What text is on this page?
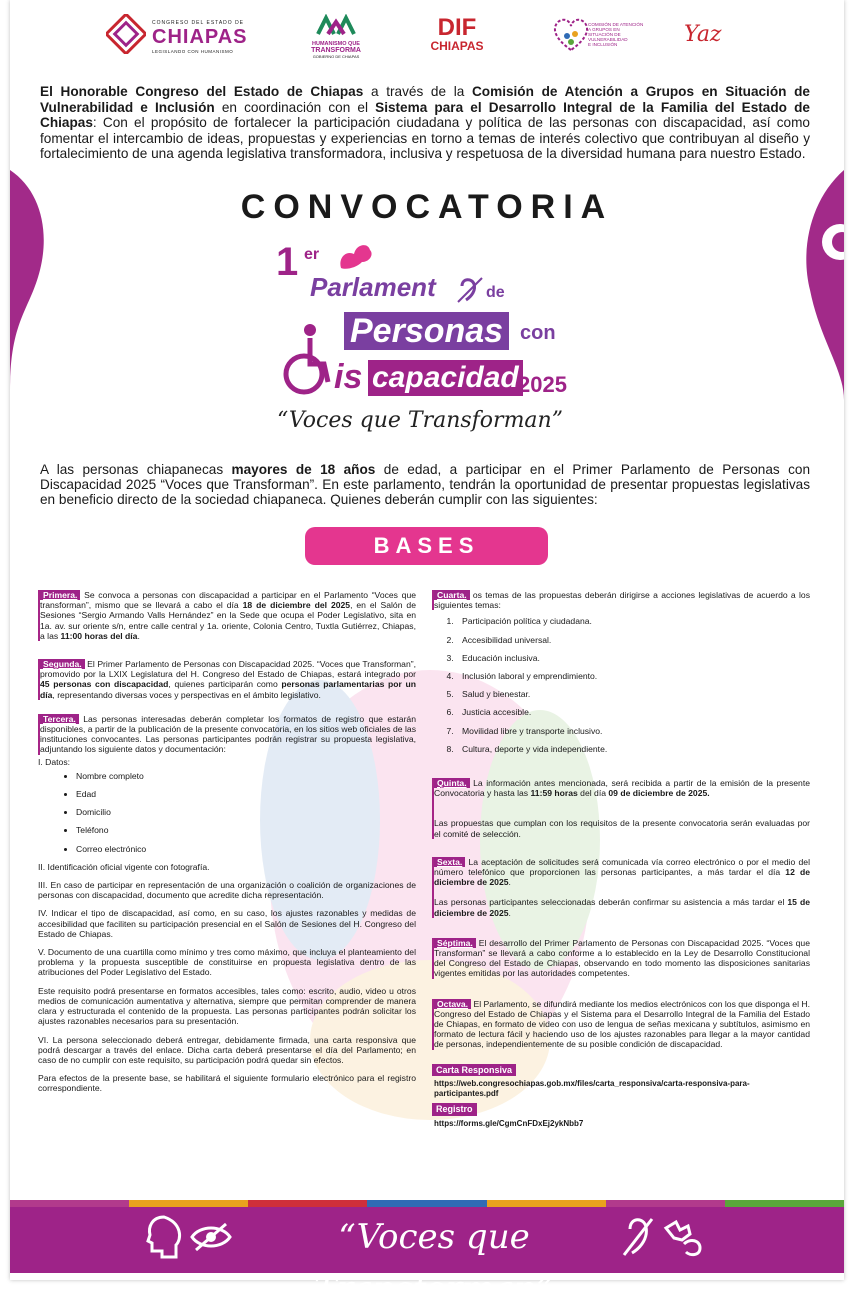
CONGRESO DEL ESTADO DE
CHIAPAS
LEGISLANDO CON HUMANISMO
HUMANISMO QUE
TRANSFORMA
GOBIERNO DE CHIAPAS
DIF
CHIAPAS
COMISIÓN DE ATENCIÓN
A GRUPOS EN
SITUACIÓN DE
VULNERABILIDAD
E INCLUSIÓN	Yaz
El Honorable Congreso del Estado de Chiapas a través de la Comisión de Atención a Grupos en Situación de Vulnerabilidad e Inclusión en coordinación con el Sistema para el Desarrollo Integral de la Familia del Estado de Chiapas: Con el propósito de fortalecer la participación ciudadana y política de las personas con discapacidad, así como fomentar el intercambio de ideas, propuestas y experiencias en torno a temas de interés colectivo que contribuyan al diseño y fortalecimiento de una agenda legislativa transformadora, inclusiva y respetuosa de la diversidad humana para nuestro Estado.
CONVOCATORIA
1 er
Parlament	de
Personas con
is capacidad 2025
“Voces que Transforman”
A las personas chiapanecas mayores de 18 años de edad, a participar en el Primer Parlamento de Personas con Discapacidad 2025 “Voces que Transforman”. En este parlamento, tendrán la oportunidad de presentar propuestas legislativas en beneficio directo de la sociedad chiapaneca. Quienes deberán cumplir con las siguientes:
BASES

Primera. Se convoca a personas con discapacidad a participar en el Parlamento “Voces que transforman”, mismo que se llevará a cabo el día 18 de diciembre del 2025, en el Salón de Sesiones “Sergio Armando Valls Hernández” en la Sede que ocupa el Poder Legislativo, sita en 1a. av. sur oriente s/n, entre calle central y 1a. oriente, Colonia Centro, Tuxtla Gutiérrez, Chiapas, a las 11:00 horas del día.

Segunda. El Primer Parlamento de Personas con Discapacidad 2025. “Voces que Transforman”, promovido por la LXIX Legislatura del H. Congreso del Estado de Chiapas, estará integrado por 45 personas con discapacidad, quienes participarán como personas parlamentarias por un día, representando diversas voces y perspectivas en el ámbito legislativo.

Tercera. Las personas interesadas deberán completar los formatos de registro que estarán disponibles, a partir de la publicación de la presente convocatoria, en los sitios web oficiales de las instituciones convocantes. Las personas participantes podrán registrar su propuesta legislativa, adjuntando los siguiente datos y documentación:

I. Datos:
• Nombre completo
• Edad
• Domicilio
• Teléfono
• Correo electrónico

II. Identificación oficial vigente con fotografía.

III. En caso de participar en representación de una organización o coalición de organizaciones de personas con discapacidad, documento que acredite dicha representación.

IV. Indicar el tipo de discapacidad, así como, en su caso, los ajustes razonables y medidas de accesibilidad que faciliten su participación presencial en el Salón de Sesiones del H. Congreso del Estado de Chiapas.

V. Documento de una cuartilla como mínimo y tres como máximo, que incluya el planteamiento del problema y la propuesta susceptible de constituirse en propuesta legislativa dentro de las atribuciones del Poder Legislativo del Estado.

Este requisito podrá presentarse en formatos accesibles, tales como: escrito, audio, video u otros medios de comunicación aumentativa y alternativa, siempre que permitan comprender de manera clara y estructurada el contenido de la propuesta. Las personas participantes podrán solicitar los ajustes razonables necesarios para su presentación.

VI. La persona seleccionado deberá entregar, debidamente firmada, una carta responsiva que podrá descargar a través del enlace. Dicha carta deberá presentarse el día del Parlamento; en caso de no cumplir con este requisito, su participación podrá quedar sin efectos.

Para efectos de la presente base, se habilitará el siguiente formulario electrónico para el registro correspondiente.

Cuarta. os temas de las propuestas deberán dirigirse a acciones legislativas de acuerdo a los siguientes temas:

1. Participación política y ciudadana.
2. Accesibilidad universal.
3. Educación inclusiva.
4. Inclusión laboral y emprendimiento.
5. Salud y bienestar.
6. Justicia accesible.
7. Movilidad libre y transporte inclusivo.
8. Cultura, deporte y vida independiente.

Quinta. La información antes mencionada, será recibida a partir de la emisión de la presente Convocatoria y hasta las 11:59 horas del día 09 de diciembre de 2025.

Las propuestas que cumplan con los requisitos de la presente convocatoria serán evaluadas por el comité de selección.

Sexta. La aceptación de solicitudes será comunicada vía correo electrónico o por el medio del número telefónico que proporcionen las personas participantes, a más tardar el día 12 de diciembre de 2025.

Las personas participantes seleccionadas deberán confirmar su asistencia a más tardar el 15 de diciembre de 2025.

Séptima. El desarrollo del Primer Parlamento de Personas con Discapacidad 2025. “Voces que Transforman” se llevará a cabo conforme a lo establecido en la Ley de Desarrollo Constitucional del Congreso del Estado de Chiapas, observando en todo momento las disposiciones sanitarias vigentes emitidas por las autoridades competentes.

Octava. El Parlamento, se difundirá mediante los medios electrónicos con los que disponga el H. Congreso del Estado de Chiapas y el Sistema para el Desarrollo Integral de la Familia del Estado de Chiapas, en formato de video con uso de lengua de señas mexicana y subtítulos, asimismo en formato de lectura fácil y haciendo uso de los ajustes razonables para llegar a la mayor cantidad de personas, independientemente de su posible condición de discapacidad.

Carta Responsiva
https://web.congresochiapas.gob.mx/files/carta_responsiva/carta-responsiva-para-participantes.pdf
Registro
https://forms.gle/CgmCnFDxEj2ykNbb7
“Voces que Transforman”
